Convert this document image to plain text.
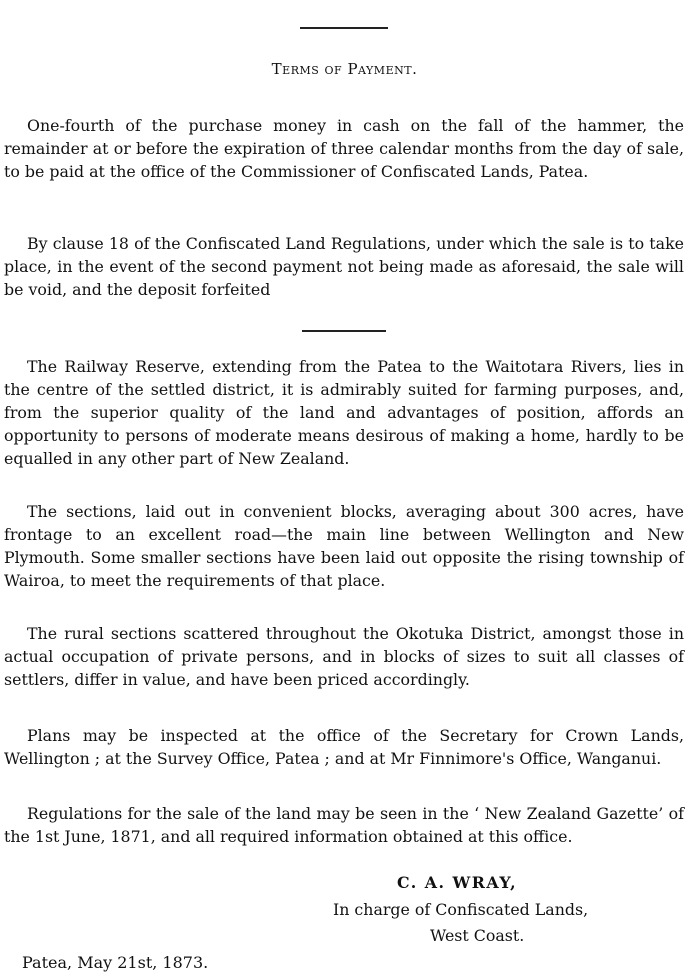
Terms of Payment.

One-fourth of the purchase money in cash on the fall of the hammer, the remainder at or before the expiration of three calendar months from the day of sale, to be paid at the office of the Commissioner of Confiscated Lands, Patea.

By clause 18 of the Confiscated Land Regulations, under which the sale is to take place, in the event of the second payment not being made as aforesaid, the sale will be void, and the deposit forfeited

The Railway Reserve, extending from the Patea to the Waitotara Rivers, lies in the centre of the settled district, it is admirably suited for farming purposes, and, from the superior quality of the land and advantages of position, affords an opportunity to persons of moderate means desirous of making a home, hardly to be equalled in any other part of New Zealand.

The sections, laid out in convenient blocks, averaging about 300 acres, have frontage to an excellent road—the main line between Wellington and New Plymouth. Some smaller sections have been laid out opposite the rising township of Wairoa, to meet the requirements of that place.

The rural sections scattered throughout the Okotuka District, amongst those in actual occupation of private persons, and in blocks of sizes to suit all classes of settlers, differ in value, and have been priced accordingly.

Plans may be inspected at the office of the Secretary for Crown Lands, Wellington ; at the Survey Office, Patea ; and at Mr Finnimore's Office, Wanganui.

Regulations for the sale of the land may be seen in the ‘ New Zealand Gazette’ of the 1st June, 1871, and all required information obtained at this office.

C. A. WRAY,
In charge of Confiscated Lands,
West Coast.
Patea, May 21st, 1873.
